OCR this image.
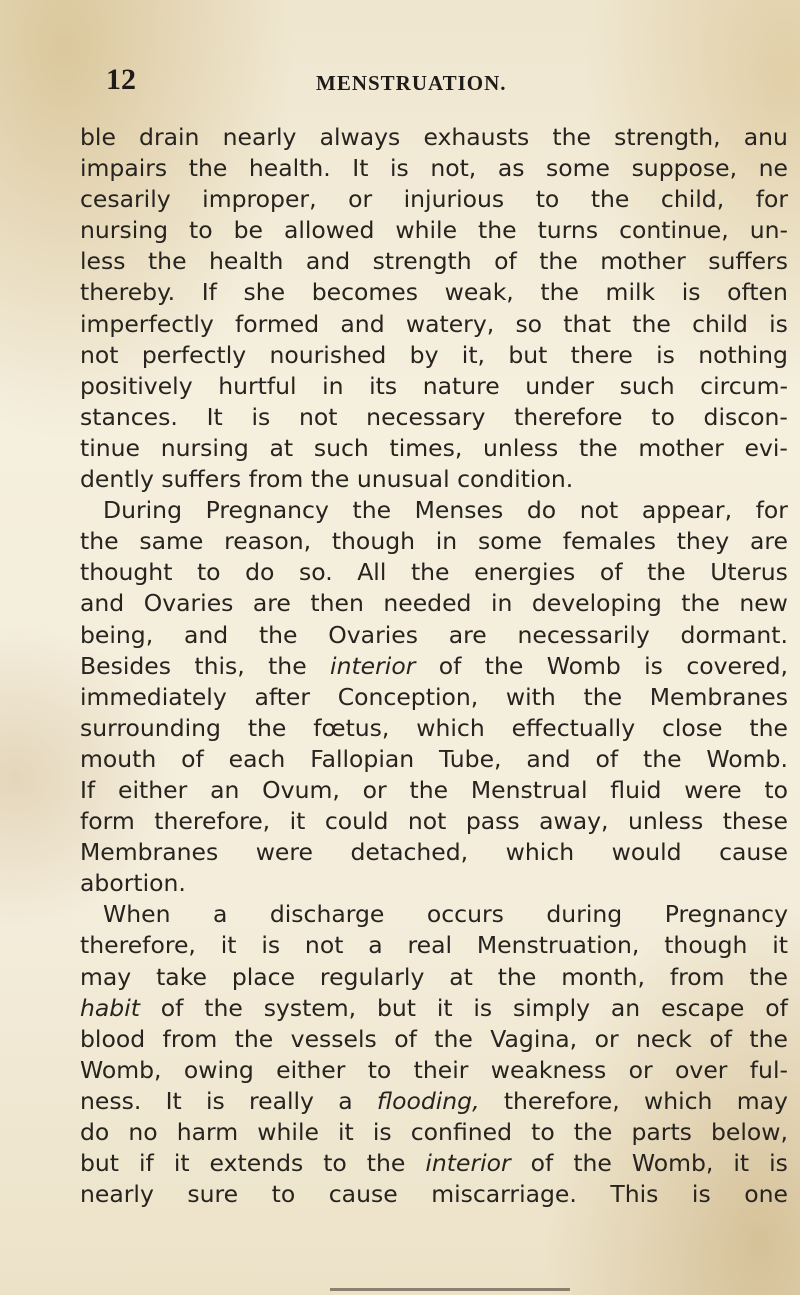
12	MENSTRUATION.
ble drain nearly always exhausts the strength, anu
impairs the health. It is not, as some suppose, ne
cesarily improper, or injurious to the child, for
nursing to be allowed while the turns continue, un-
less the health and strength of the mother suffers
thereby. If she becomes weak, the milk is often
imperfectly formed and watery, so that the child is
not perfectly nourished by it, but there is nothing
positively hurtful in its nature under such circum-
stances. It is not necessary therefore to discon-
tinue nursing at such times, unless the mother evi-
dently suffers from the unusual condition.
During Pregnancy the Menses do not appear, for
the same reason, though in some females they are
thought to do so. All the energies of the Uterus
and Ovaries are then needed in developing the new
being, and the Ovaries are necessarily dormant.
Besides this, the interior of the Womb is covered,
immediately after Conception, with the Membranes
surrounding the fœtus, which effectually close the
mouth of each Fallopian Tube, and of the Womb.
If either an Ovum, or the Menstrual fluid were to
form therefore, it could not pass away, unless these
Membranes were detached, which would cause
abortion.
When a discharge occurs during Pregnancy
therefore, it is not a real Menstruation, though it
may take place regularly at the month, from the
habit of the system, but it is simply an escape of
blood from the vessels of the Vagina, or neck of the
Womb, owing either to their weakness or over ful-
ness. It is really a flooding, therefore, which may
do no harm while it is confined to the parts below,
but if it extends to the interior of the Womb, it is
nearly sure to cause miscarriage. This is one
